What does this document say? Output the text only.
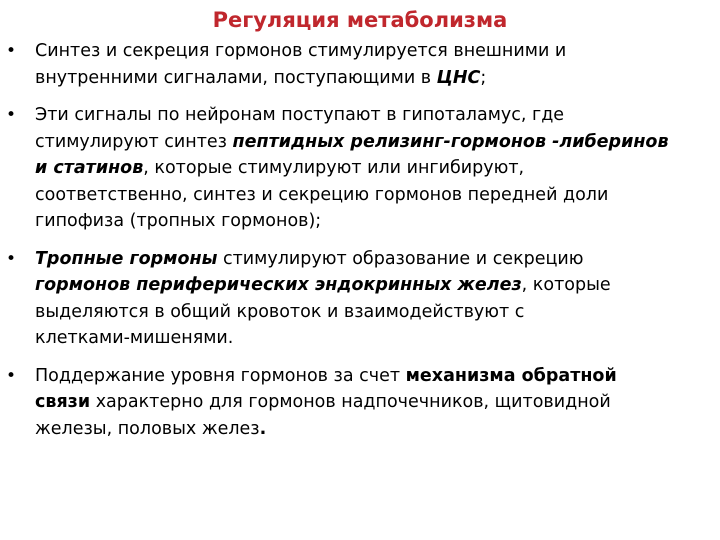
Регуляция метаболизма
• Синтез и секреция гормонов стимулируется внешними и
внутренними сигналами, поступающими в ЦНС;
• Эти сигналы по нейронам поступают в гипоталамус, где
стимулируют синтез пептидных релизинг-гормонов -либеринов
и статинов, которые стимулируют или ингибируют,
соответственно, синтез и секрецию гормонов передней доли
гипофиза (тропных гормонов);
• Тропные гормоны стимулируют образование и секрецию
гормонов периферических эндокринных желез, которые
выделяются в общий кровоток и взаимодействуют с
клетками-мишенями.
• Поддержание уровня гормонов за счет механизма обратной
связи характерно для гормонов надпочечников, щитовидной
железы, половых желез.
